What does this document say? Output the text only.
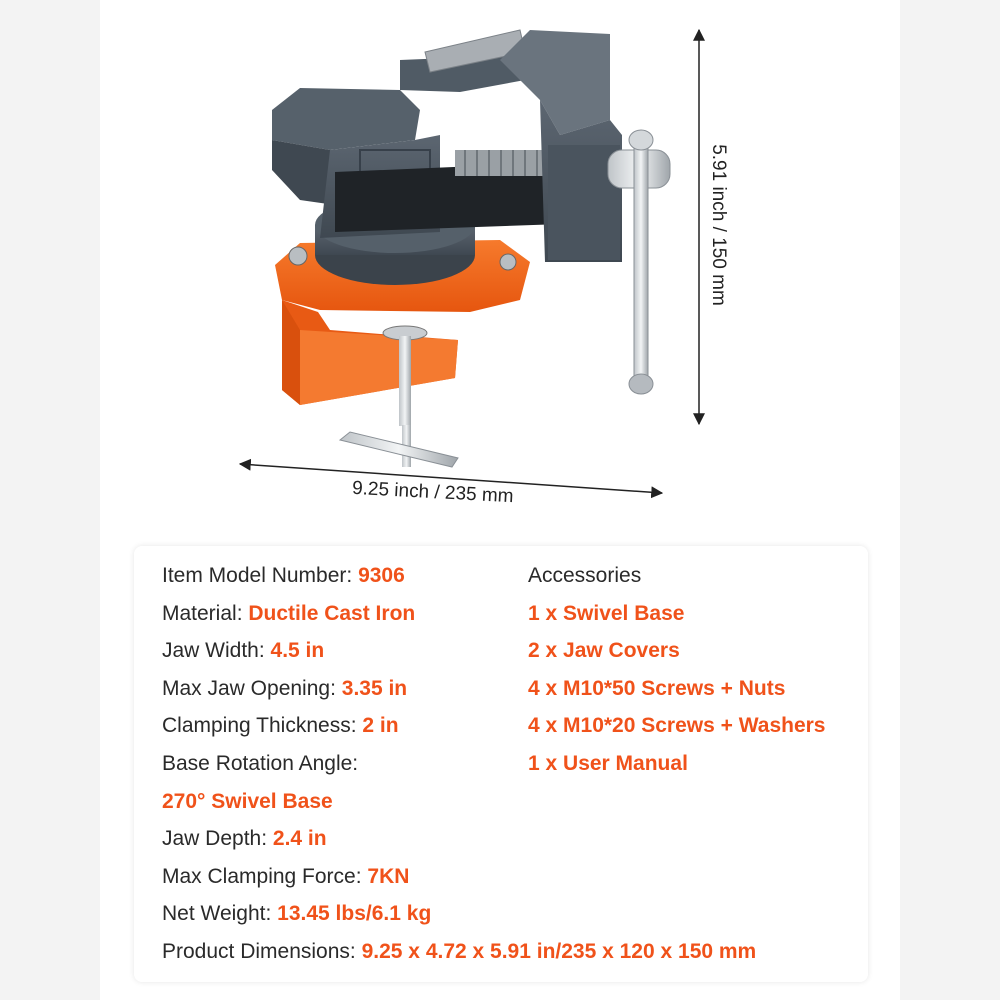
9.25 inch / 235 mm
5.91 inch / 150 mm
Item Model Number: 9306
Material: Ductile Cast Iron
Jaw Width: 4.5 in
Max Jaw Opening: 3.35 in
Clamping Thickness: 2 in
Base Rotation Angle:
270° Swivel Base
Jaw Depth: 2.4 in
Max Clamping Force: 7KN
Net Weight: 13.45 lbs/6.1 kg
Product Dimensions: 9.25 x 4.72 x 5.91 in/235 x 120 x 150 mm
Accessories
1 x Swivel Base
2 x Jaw Covers
4 x M10*50 Screws + Nuts
4 x M10*20 Screws + Washers
1 x User Manual
